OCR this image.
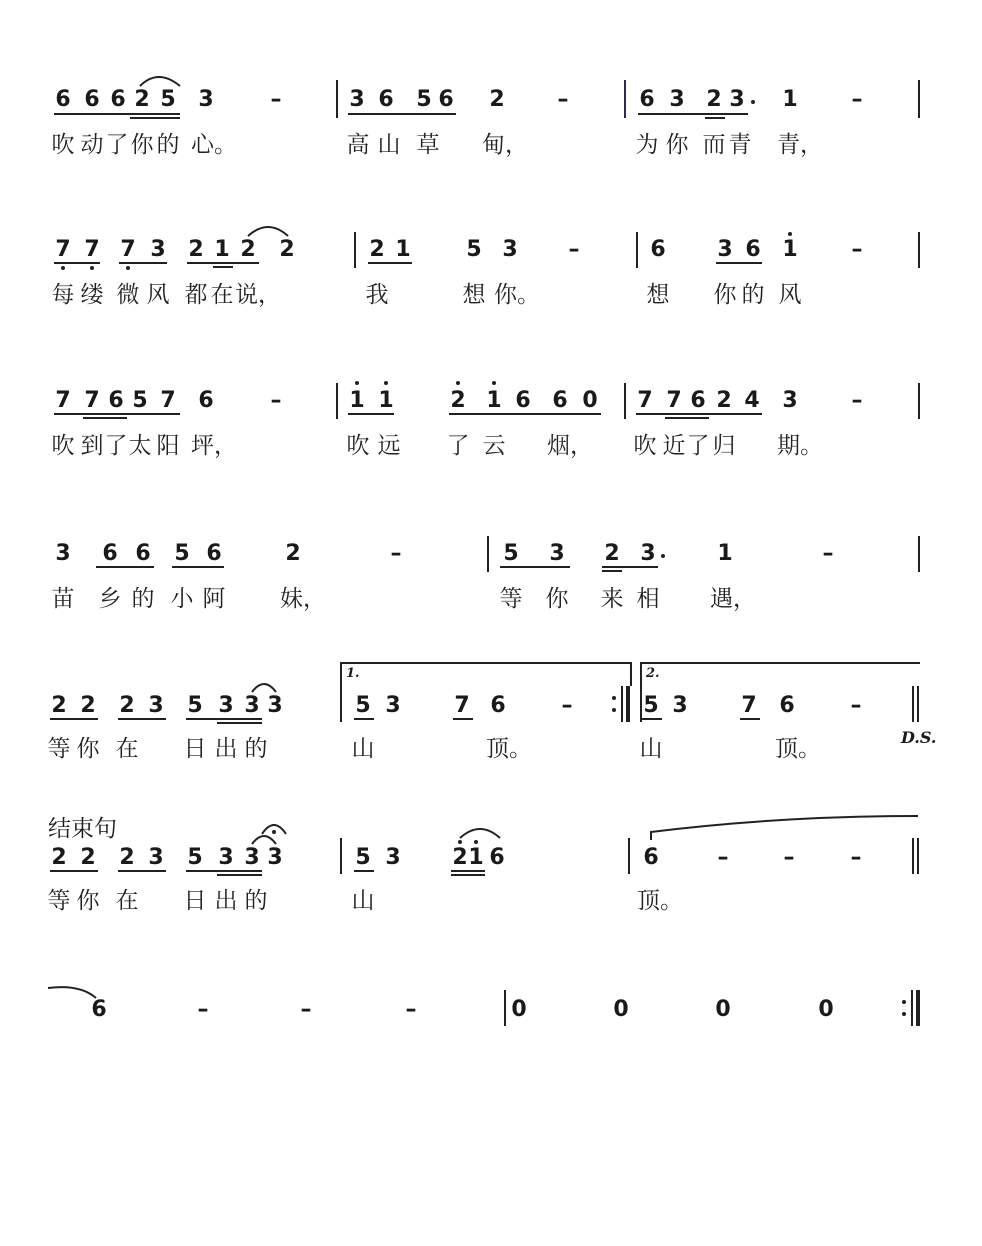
6 6 6 2 5 3	–	3 6 5 6 2 –	6 3 2 3 1 –
吹 动 了 你 的 心。	高 山 草 甸，	为 你 而 青 青，
7 7 7 3 2 1 2 2	2 1	5 3 –	6 3 6 1 –
每 缕 微 风 都 在 说，	我	想 你。	想 你 的 风
7 7 6 5 7 6	–	1 1	2 1 6 6 0 7 7 6 2 4 3 –
吹 到 了 太 阳 坪，	吹 远 了 云 烟， 吹 近 了 归 期。
3 6 6 5 6	2	–	5 3 2 3	1	–
苗 乡 的 小 阿 妹，	等 你 来 相 遇，
1.	2.
2 2 2 3 5 3 3 3	5 3 7 6	–	5 3 7 6	–
D.S.
等 你 在 日 出 的	山	顶。	山	顶。
结束句
2 2 2 3 5 3 3 3	5 3 2 1 6	6	–	–	–
等 你 在 日 出 的	山	顶。
6	–	–	–	0	0	0	0
